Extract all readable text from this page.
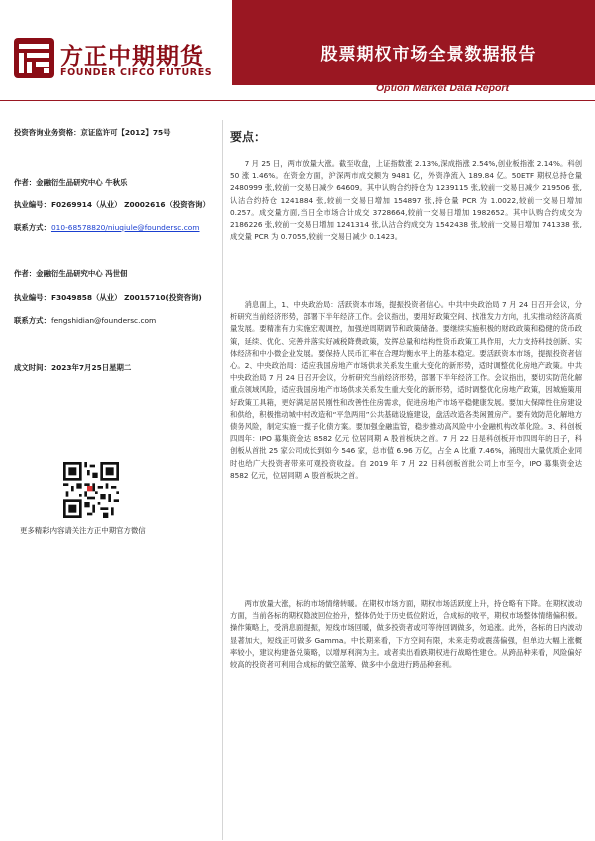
方正中期期货
FOUNDER CIFCO FUTURES
股票期权市场全景数据报告
Option Market Data Report
投资咨询业务资格：京证监许可【2012】75号
作者：金融衍生品研究中心 牛秋乐
执业编号：F0269914（从业） Z0002616（投资咨询）
联系方式：010-68578820/niuqiule@foundersc.com
作者：金融衍生品研究中心 冯世佃
执业编号：F3049858（从业） Z0015710(投资咨询)
联系方式：fengshidian@foundersc.com
成文时间：2023年7月25日星期二
更多精彩内容请关注方正中期官方微信
要点：

7 月 25 日，两市放量大涨。截至收盘，上证指数涨 2.13%,深成指涨 2.54%,创业板指涨 2.14%。科创 50 涨 1.46%。在资金方面，沪深两市成交额为 9481 亿，外资净流入 189.84 亿。50ETF 期权总持仓量 2480999 张,较前一交易日减少 64609。其中认购合约持仓为 1239115 张,较前一交易日减少 219506 张,认沽合约持仓 1241884 张,较前一交易日增加 154897 张,持仓量 PCR 为 1.0022,较前一交易日增加 0.257。成交量方面,当日全市场合计成交 3728664,较前一交易日增加 1982652。其中认购合约成交为 2186226 张,较前一交易日增加 1241314 张,认沽合约成交为 1542438 张,较前一交易日增加 741338 张,成交量 PCR 为 0.7055,较前一交易日减少 0.1423。

消息面上，1、中央政治局：活跃资本市场，提振投资者信心。中共中央政治局 7 月 24 日召开会议，分析研究当前经济形势，部署下半年经济工作。会议指出，要用好政策空间、找准发力方向，扎实推动经济高质量发展。要精准有力实施宏观调控，加强逆周期调节和政策储备。要继续实施积极的财政政策和稳健的货币政策，延续、优化、完善并落实好减税降费政策，发挥总量和结构性货币政策工具作用，大力支持科技创新、实体经济和中小微企业发展。要保持人民币汇率在合理均衡水平上的基本稳定。要活跃资本市场，提振投资者信心。2、中央政治局：适应我国房地产市场供求关系发生重大变化的新形势，适时调整优化房地产政策。中共中央政治局 7 月 24 日召开会议，分析研究当前经济形势，部署下半年经济工作。会议指出，要切实防范化解重点领域风险，适应我国房地产市场供求关系发生重大变化的新形势，适时调整优化房地产政策，因城施策用好政策工具箱，更好满足居民刚性和改善性住房需求，促进房地产市场平稳健康发展。要加大保障性住房建设和供给，积极推动城中村改造和“平急两用”公共基础设施建设，盘活改造各类闲置房产。要有效防范化解地方债务风险，制定实施一揽子化债方案。要加强金融监管，稳步推动高风险中小金融机构改革化险。3、科创板四周年：IPO 募集资金达 8582 亿元 位居同期 A 股首板块之首。7 月 22 日是科创板开市四周年的日子，科创板从首批 25 家公司成长到如今 546 家，总市值 6.96 万亿，占全 A 比重 7.46%，涌现出大量优质企业同时也给广大投资者带来可观投资收益。自 2019 年 7 月 22 日科创板首批公司上市至今，IPO 募集资金达 8582 亿元，位居同期 A 股首板块之首。

两市放量大涨，标的市场情绪转暖。在期权市场方面，期权市场活跃度上升，持仓略有下降。在期权波动方面，当前各标的期权隐波回位抬升，整体仍处于历史低位附近，合成标的收平，期权市场整体情绪偏积极。操作策略上，受消息面提振，短线市场回暖，做多投资者或可等待回调做多，勿追涨。此外，各标的日内波动显著加大，短线正可做多 Gamma。中长期来看，下方空间有限，未来走势或震荡偏强，但单边大幅上涨概率较小，建议构建备兑策略，以增厚利润为主。或者卖出看跌期权进行战略性建仓。从跨品种来看，风险偏好较高的投资者可利用合成标的做空蓝筹、做多中小盘进行跨品种套利。
